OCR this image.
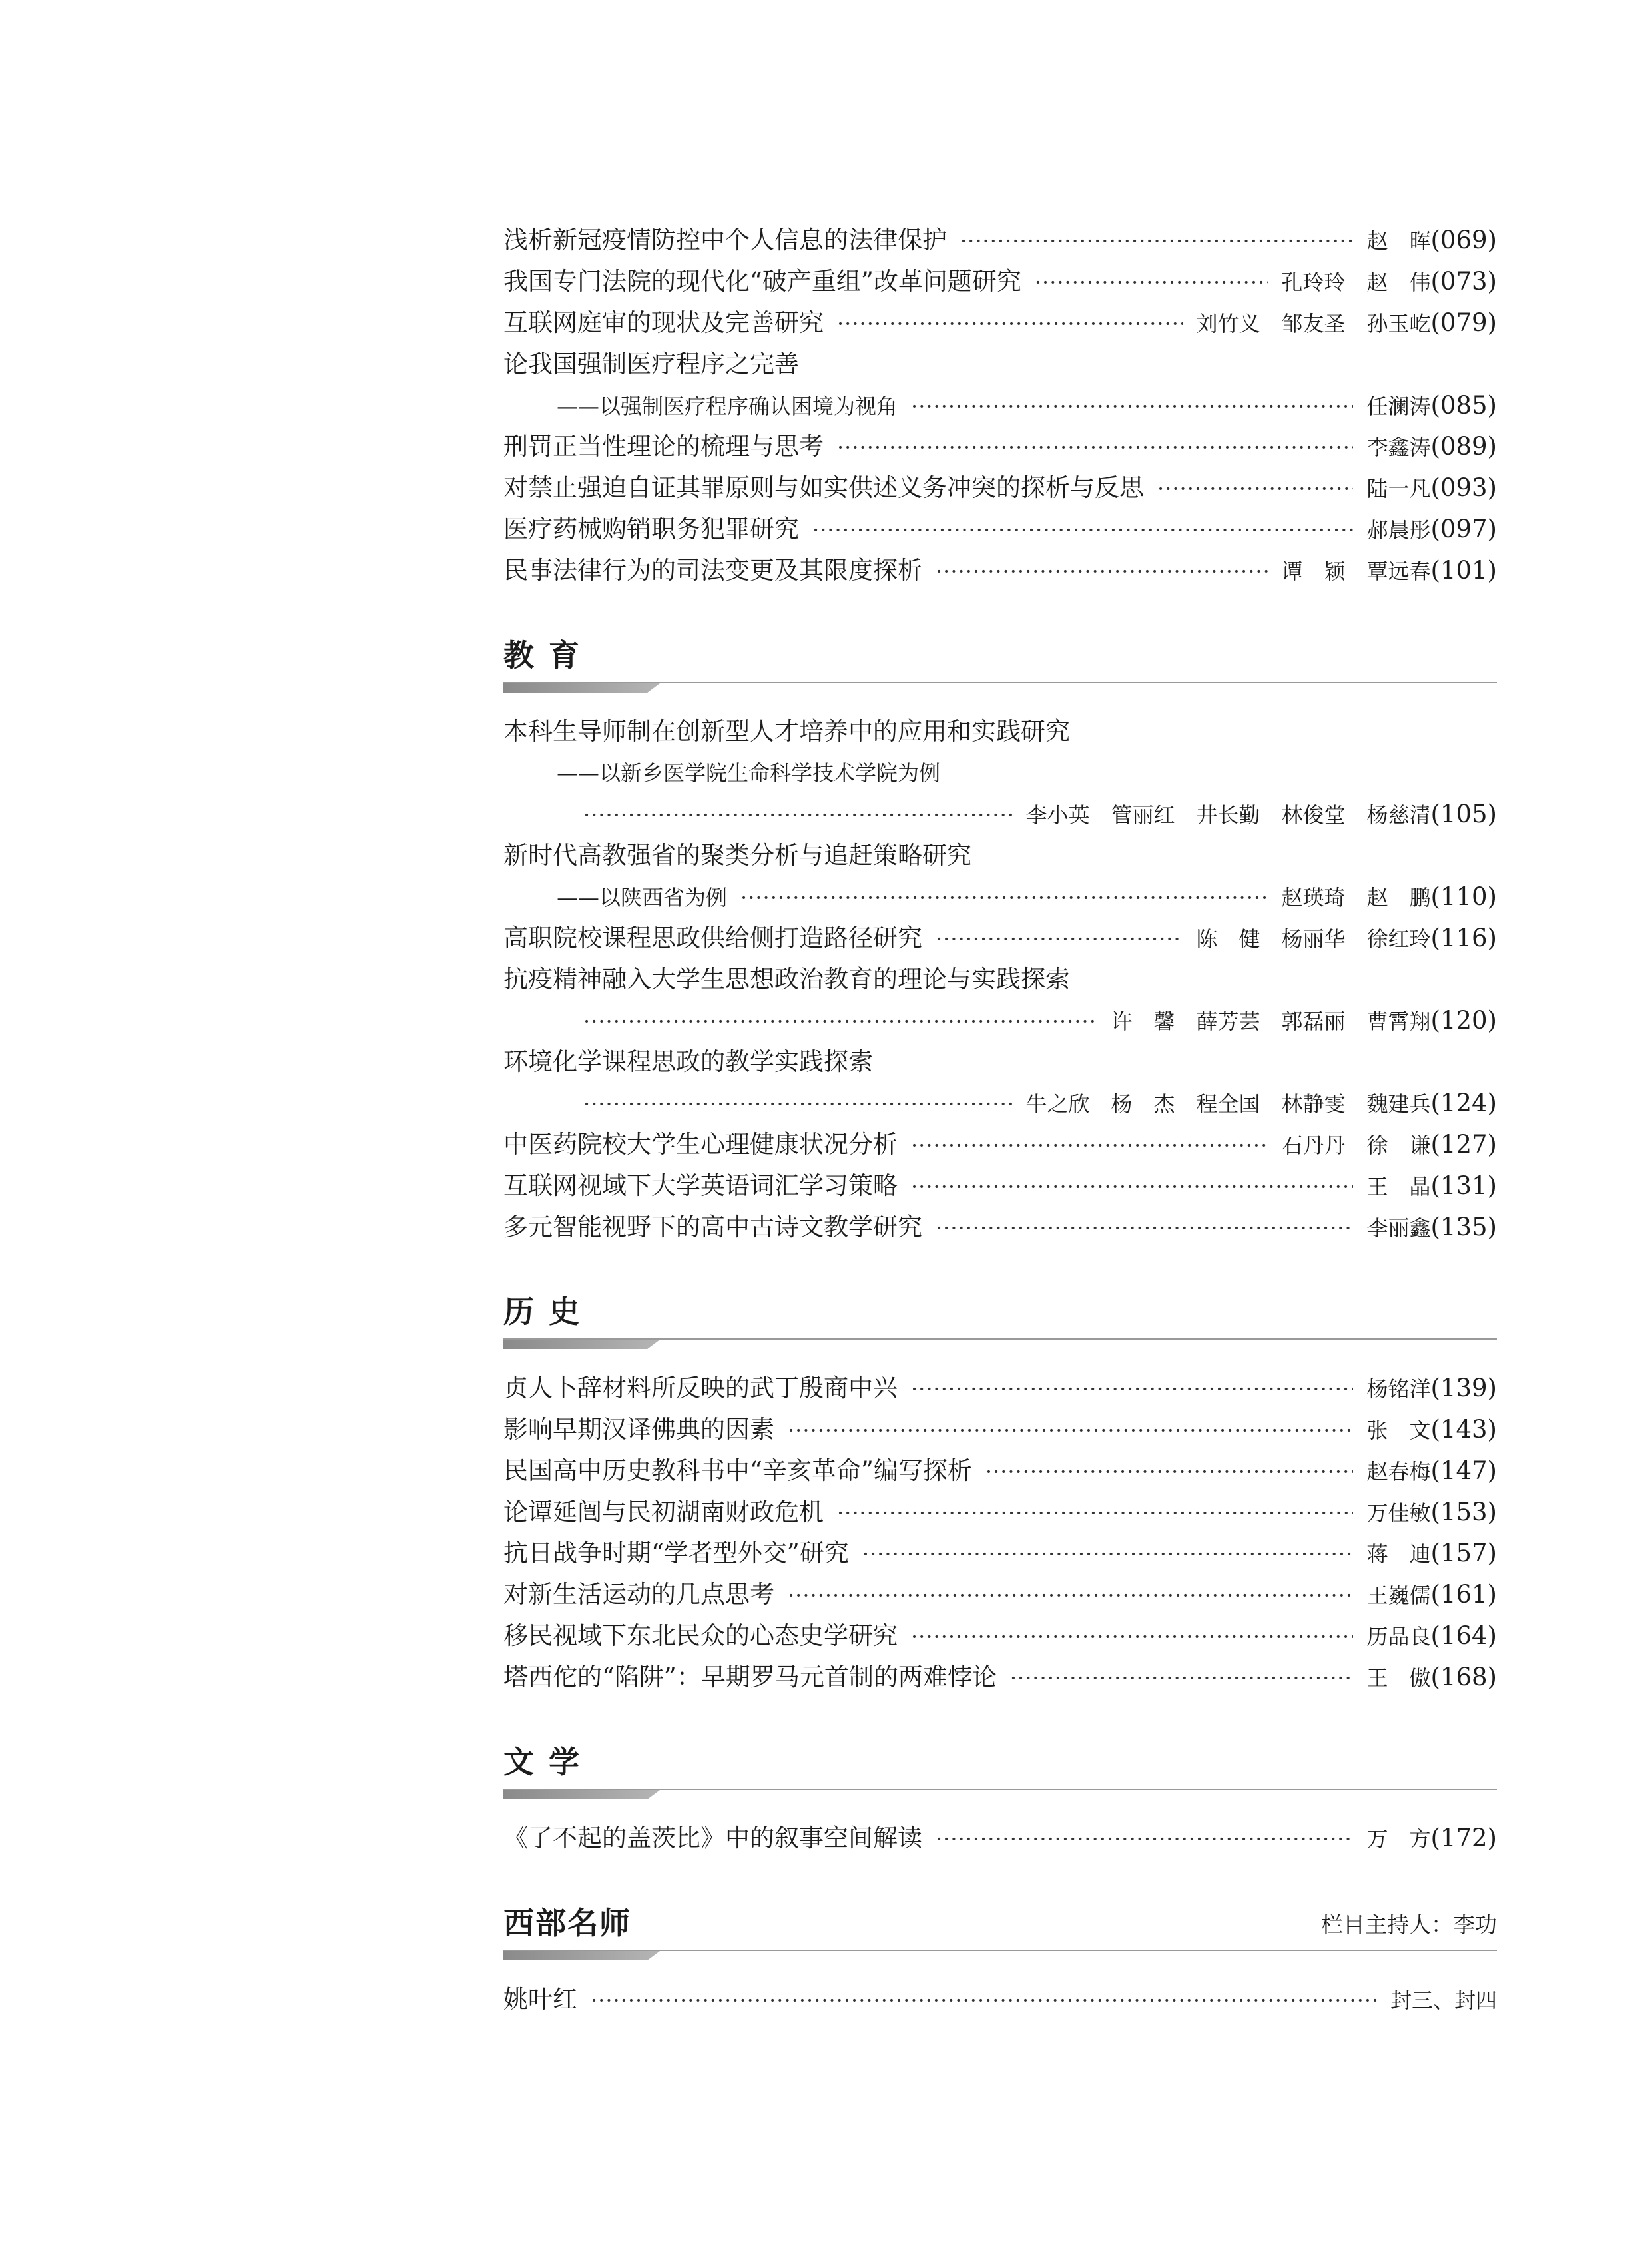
浅析新冠疫情防控中个人信息的法律保护 ·····	赵　晖 (069)
我国专门法院的现代化“破产重组”改革问题研究 ·····	孔玲玲　赵　伟 (073)
互联网庭审的现状及完善研究 ·····	刘竹义　邹友圣　孙玉屹 (079)
论我国强制医疗程序之完善
——以强制医疗程序确认困境为视角 ·····	任澜涛 (085)
刑罚正当性理论的梳理与思考 ·····	李鑫涛 (089)
对禁止强迫自证其罪原则与如实供述义务冲突的探析与反思 ·····	陆一凡 (093)
医疗药械购销职务犯罪研究 ·····	郝晨彤 (097)
民事法律行为的司法变更及其限度探析 ·····	谭　颖　覃远春 (101)
教育
本科生导师制在创新型人才培养中的应用和实践研究
——以新乡医学院生命科学技术学院为例
·····
李小英　管丽红　井长勤　林俊堂　杨慈清 (105)
新时代高教强省的聚类分析与追赶策略研究
——以陕西省为例 ·····	赵瑛琦　赵　鹏 (110)
高职院校课程思政供给侧打造路径研究 ·····	陈　健　杨丽华　徐红玲 (116)
抗疫精神融入大学生思想政治教育的理论与实践探索
·····
许　馨　薛芳芸　郭磊丽　曹霄翔 (120)
环境化学课程思政的教学实践探索
·····
牛之欣　杨　杰　程全国　林静雯　魏建兵 (124)
中医药院校大学生心理健康状况分析 ·····	石丹丹　徐　谦 (127)
互联网视域下大学英语词汇学习策略 ·····	王　晶 (131)
多元智能视野下的高中古诗文教学研究 ·····	李丽鑫 (135)
历史
贞人卜辞材料所反映的武丁殷商中兴 ·····	杨铭洋 (139)
影响早期汉译佛典的因素 ·····	张　文 (143)
民国高中历史教科书中“辛亥革命”编写探析 ·····	赵春梅 (147)
论谭延闿与民初湖南财政危机 ·····	万佳敏 (153)
抗日战争时期“学者型外交”研究 ·····	蒋　迪 (157)
对新生活运动的几点思考 ·····	王巍儒 (161)
移民视域下东北民众的心态史学研究 ·····	历品良 (164)
塔西佗的“陷阱”：早期罗马元首制的两难悖论 ·····	王　傲 (168)
文学
《了不起的盖茨比》中的叙事空间解读 ·····	万　方 (172)
西部名师	栏目主持人：李功
姚叶红 ·····	封三、封四
